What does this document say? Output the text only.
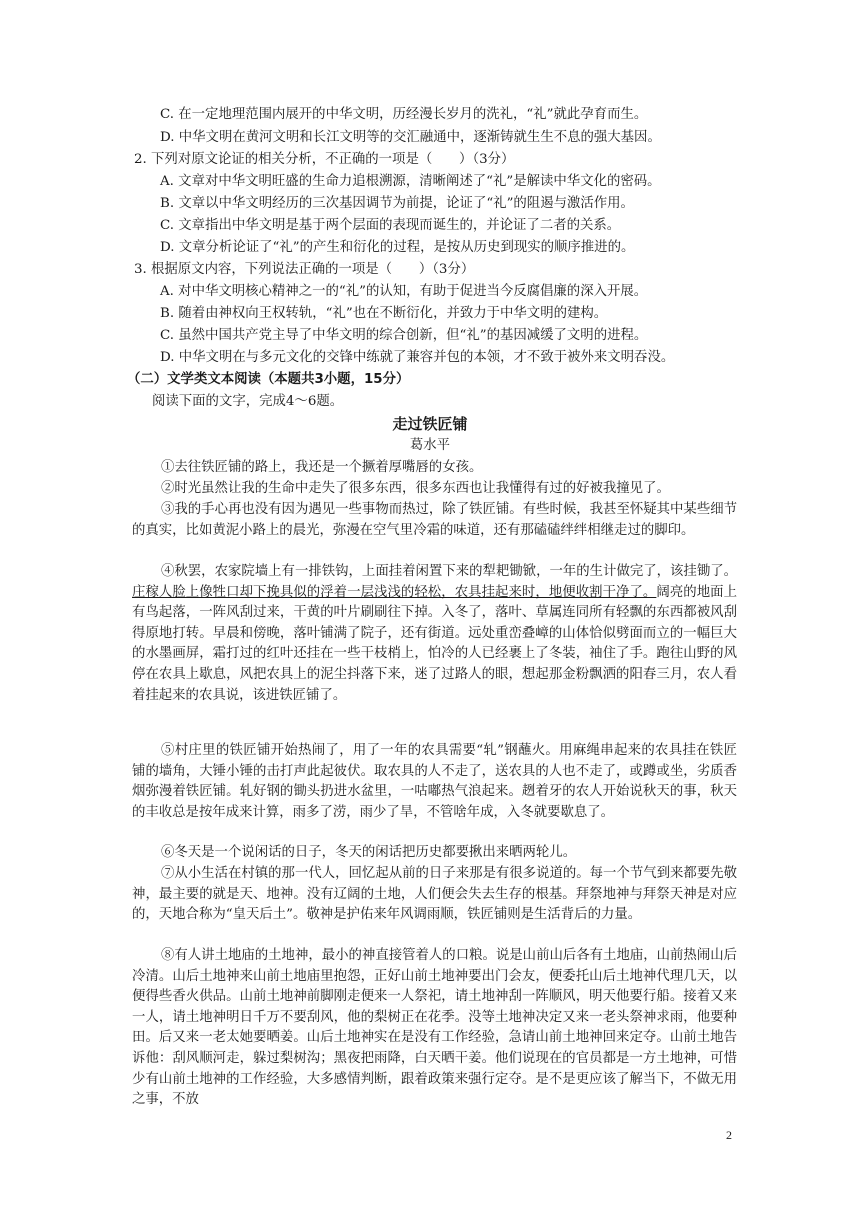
C. 在一定地理范围内展开的中华文明，历经漫长岁月的洗礼，“礼”就此孕育而生。
D. 中华文明在黄河文明和长江文明等的交汇融通中，逐渐铸就生生不息的强大基因。
2. 下列对原文论证的相关分析，不正确的一项是（　　）（3分）
A. 文章对中华文明旺盛的生命力追根溯源，清晰阐述了“礼”是解读中华文化的密码。
B. 文章以中华文明经历的三次基因调节为前提，论证了“礼”的阻遏与激活作用。
C. 文章指出中华文明是基于两个层面的表现而诞生的，并论证了二者的关系。
D. 文章分析论证了“礼”的产生和衍化的过程，是按从历史到现实的顺序推进的。
3. 根据原文内容，下列说法正确的一项是（　　）（3分）
A. 对中华文明核心精神之一的“礼”的认知，有助于促进当今反腐倡廉的深入开展。
B. 随着由神权向王权转轨，“礼”也在不断衍化，并致力于中华文明的建构。
C. 虽然中国共产党主导了中华文明的综合创新，但“礼”的基因减缓了文明的进程。
D. 中华文明在与多元文化的交锋中练就了兼容并包的本领，才不致于被外来文明吞没。
（二）文学类文本阅读（本题共3小题，15分）
阅读下面的文字，完成4～6题。
走过铁匠铺
葛水平
①去往铁匠铺的路上，我还是一个撅着厚嘴唇的女孩。
②时光虽然让我的生命中走失了很多东西，很多东西也让我懂得有过的好被我撞见了。
③我的手心再也没有因为遇见一些事物而热过，除了铁匠铺。有些时候，我甚至怀疑其中某些细节的真实，比如黄泥小路上的晨光，弥漫在空气里冷霜的味道，还有那磕磕绊绊相继走过的脚印。
④秋罢，农家院墙上有一排铁钩，上面挂着闲置下来的犁耙锄锨，一年的生计做完了，该挂锄了。庄稼人脸上像牲口却下挽具似的浮着一层浅浅的轻松，农具挂起来时，地便收割干净了。阔亮的地面上有鸟起落，一阵风刮过来，干黄的叶片刷刷往下掉。入冬了，落叶、草属连同所有轻飘的东西都被风刮得原地打转。早晨和傍晚，落叶铺满了院子，还有街道。远处重峦叠嶂的山体恰似劈面而立的一幅巨大的水墨画屏，霜打过的红叶还挂在一些干枝梢上，怕冷的人已经裹上了冬装，袖住了手。跑往山野的风停在农具上歇息，风把农具上的泥尘抖落下来，迷了过路人的眼，想起那金粉飘洒的阳春三月，农人看着挂起来的农具说，该进铁匠铺了。
⑤村庄里的铁匠铺开始热闹了，用了一年的农具需要“轧”钢蘸火。用麻绳串起来的农具挂在铁匠铺的墙角，大锤小锤的击打声此起彼伏。取农具的人不走了，送农具的人也不走了，或蹲或坐，劣质香烟弥漫着铁匠铺。轧好钢的锄头扔进水盆里，一咕嘟热气浪起来。趔着牙的农人开始说秋天的事，秋天的丰收总是按年成来计算，雨多了涝，雨少了旱，不管啥年成，入冬就要歇息了。
⑥冬天是一个说闲话的日子，冬天的闲话把历史都要揪出来晒两轮儿。
⑦从小生活在村镇的那一代人，回忆起从前的日子来那是有很多说道的。每一个节气到来都要先敬神，最主要的就是天、地神。没有辽阔的土地，人们便会失去生存的根基。拜祭地神与拜祭天神是对应的，天地合称为“皇天后土”。敬神是护佑来年风调雨顺，铁匠铺则是生活背后的力量。
⑧有人讲土地庙的土地神，最小的神直接管着人的口粮。说是山前山后各有土地庙，山前热闹山后冷清。山后土地神来山前土地庙里抱怨，正好山前土地神要出门会友，便委托山后土地神代理几天，以便得些香火供品。山前土地神前脚刚走便来一人祭祀，请土地神刮一阵顺风，明天他要行船。接着又来一人，请土地神明日千万不要刮风，他的梨树正在花季。没等土地神决定又来一老头祭神求雨，他要种田。后又来一老太她要晒姜。山后土地神实在是没有工作经验，急请山前土地神回来定夺。山前土地告诉他：刮风顺河走，躲过梨树沟；黑夜把雨降，白天晒干姜。他们说现在的官员都是一方土地神，可惜少有山前土地神的工作经验，大多感情判断，跟着政策来强行定夺。是不是更应该了解当下，不做无用之事，不放
2
